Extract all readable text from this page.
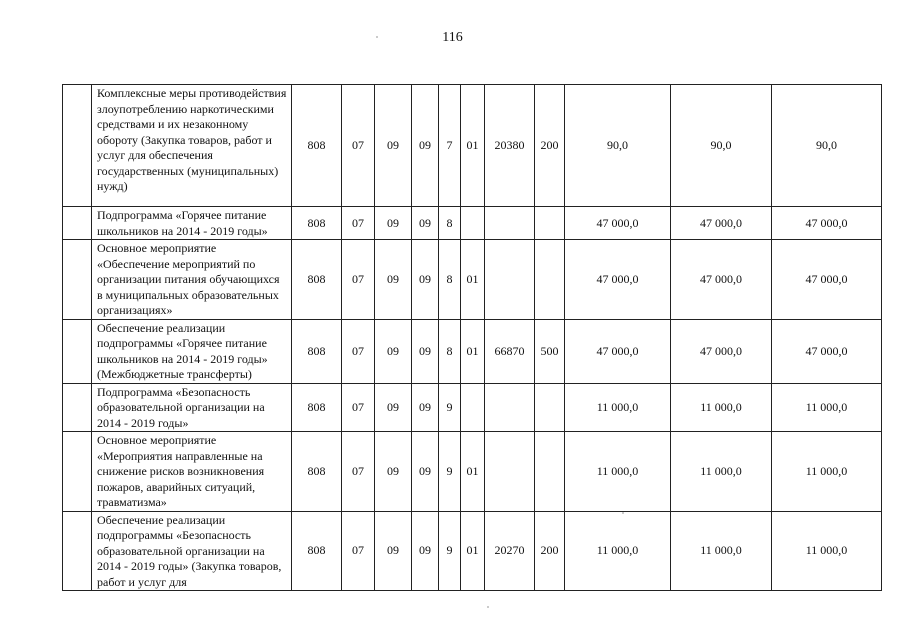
116
	Комплексные меры противодействия злоупотреблению наркотическими средствами и их незаконному обороту (Закупка товаров, работ и услуг для обеспечения государственных (муниципальных) нужд)	808	07	09	09	7	01	20380	200	90,0	90,0	90,0
	Подпрограмма «Горячее питание школьников на 2014 - 2019 годы»	808	07	09	09	8				47 000,0	47 000,0	47 000,0
	Основное мероприятие «Обеспечение мероприятий по организации питания обучающихся в муниципальных образовательных организациях»	808	07	09	09	8	01			47 000,0	47 000,0	47 000,0
	Обеспечение реализации подпрограммы «Горячее питание школьников на 2014 - 2019 годы» (Межбюджетные трансферты)	808	07	09	09	8	01	66870	500	47 000,0	47 000,0	47 000,0
	Подпрограмма «Безопасность образовательной организации на 2014 - 2019 годы»	808	07	09	09	9				11 000,0	11 000,0	11 000,0
	Основное мероприятие «Мероприятия направленные на снижение рисков возникновения пожаров, аварийных ситуаций, травматизма»	808	07	09	09	9	01			11 000,0	11 000,0	11 000,0
	Обеспечение реализации подпрограммы «Безопасность образовательной организации на 2014 - 2019 годы» (Закупка товаров, работ и услуг для	808	07	09	09	9	01	20270	200	11 000,0	11 000,0	11 000,0
